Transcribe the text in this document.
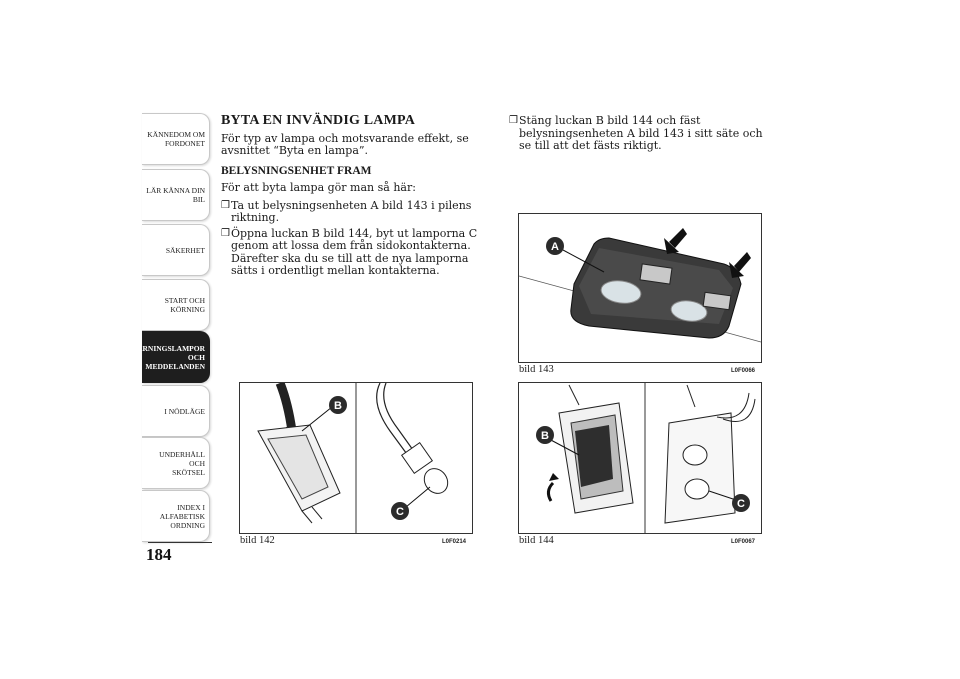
KÄNNEDOM OM
FORDONET
LÄR KÄNNA DIN
BIL
SÄKERHET
START OCH
KÖRNING
VARNINGSLAMPOR
OCH
MEDDELANDEN
I NÖDLÄGE
UNDERHÅLL OCH
SKÖTSEL
INDEX I
ALFABETISK
ORDNING
184
BYTA EN INVÄNDIG LAMPA

För typ av lampa och motsvarande effekt, se avsnittet “Byta en lampa”.

BELYSNINGSENHET FRAM

För att byta lampa gör man så här:

❒ Ta ut belysningsenheten A bild 143 i pilens riktning.
❒ Öppna luckan B bild 144, byt ut lamporna C genom att lossa dem från sidokontakterna. Därefter ska du se till att de nya lamporna sätts i ordentligt mellan kontakterna.
❒ Stäng luckan B bild 144 och fäst belysningsenheten A bild 143 i sitt säte och se till att det fästs riktigt.
A
bild 143	L0F0066
B
C
bild 142	L0F0214
B
C
bild 144	L0F0067
